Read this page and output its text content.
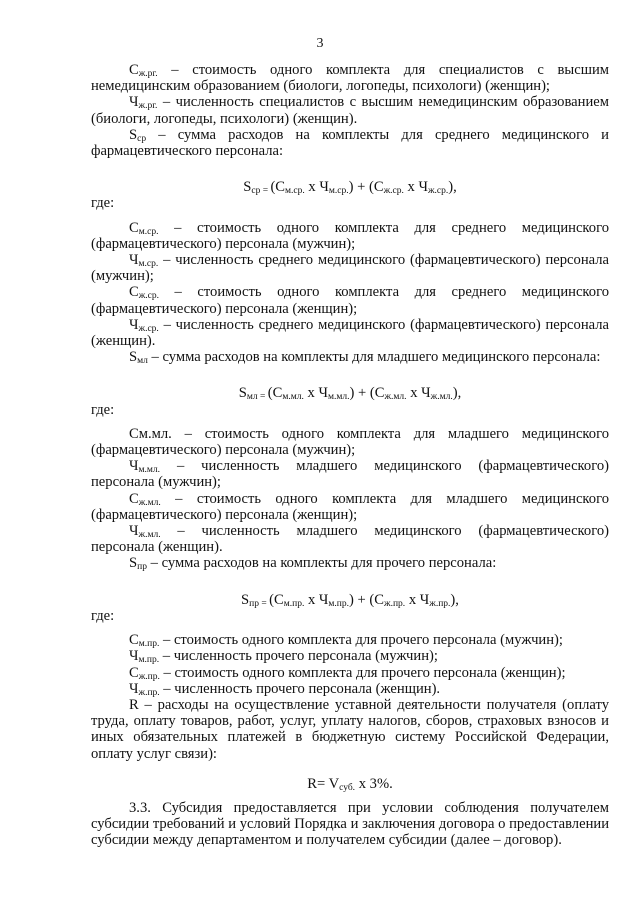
3

$С_{ж.рг.}$ – стоимость одного комплекта для специалистов с высшим немедицинским образованием (биологи, логопеды, психологи) (женщин);

$Ч_{ж.рг.}$ – численность специалистов с высшим немедицинским образованием (биологи, логопеды, психологи) (женщин).

$S_{ср}$ – сумма расходов на комплекты для среднего медицинского и фармацевтического персонала:

$S_{ср =}$ ($С_{м.ср.}$ х $Ч_{м.ср.}) + (С_{ж.ср.}$ х $Ч_{ж.ср.}$),

где:

$С_{м.ср.}$ – стоимость одного комплекта для среднего медицинского (фармацевтического) персонала (мужчин);

$Ч_{м.ср.}$ – численность среднего медицинского (фармацевтического) персонала (мужчин);

$С_{ж.ср.}$ – стоимость одного комплекта для среднего медицинского (фармацевтического) персонала (женщин);

$Ч_{ж.ср.}$ – численность среднего медицинского (фармацевтического) персонала (женщин).

$S_{мл}$ – сумма расходов на комплекты для младшего медицинского персонала:

$S_{мл =}$ ($С_{м.мл.}$ х $Ч_{м.мл.}) + (С_{ж.мл.}$ х $Ч_{ж.мл.}$),

где:

См.мл. – стоимость одного комплекта для младшего медицинского (фармацевтического) персонала (мужчин);

$Ч_{м.мл.}$ – численность младшего медицинского (фармацевтического) персонала (мужчин);

$С_{ж.мл.}$ – стоимость одного комплекта для младшего медицинского (фармацевтического) персонала (женщин);

$Ч_{ж.мл.}$ – численность младшего медицинского (фармацевтического) персонала (женщин).

$S_{пр}$ – сумма расходов на комплекты для прочего персонала:

$S_{пр =}$ ($С_{м.пр.}$ х $Ч_{м.пр.}) + (С_{ж.пр.}$ х $Ч_{ж.пр.}$),

где:

$С_{м.пр.}$ – стоимость одного комплекта для прочего персонала (мужчин);

$Ч_{м.пр.}$ – численность прочего персонала (мужчин);

$С_{ж.пр.}$ – стоимость одного комплекта для прочего персонала (женщин);

$Ч_{ж.пр.}$ – численность прочего персонала (женщин).

R – расходы на осуществление уставной деятельности получателя (оплату труда, оплату товаров, работ, услуг, уплату налогов, сборов, страховых взносов и иных обязательных платежей в бюджетную систему Российской Федерации, оплату услуг связи):

$R= V_{суб.}$ х 3%.

3.3. Субсидия предоставляется при условии соблюдения получателем субсидии требований и условий Порядка и заключения договора о предоставлении субсидии между департаментом и получателем субсидии (далее – договор).
